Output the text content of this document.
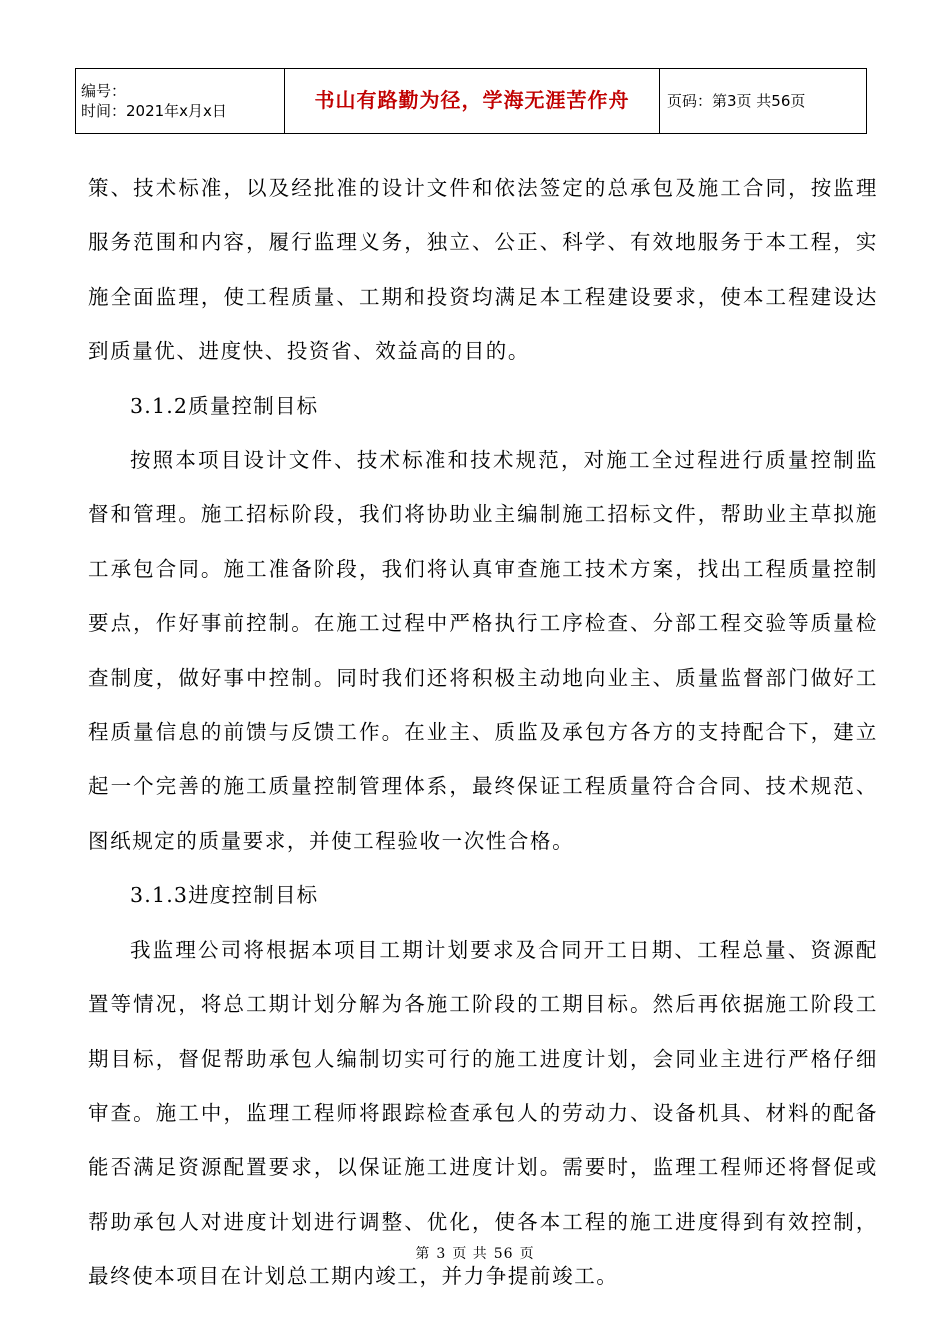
编号：
时间：2021年x月x日	书山有路勤为径，学海无涯苦作舟	页码：第3页 共56页

策、技术标准，以及经批准的设计文件和依法签定的总承包及施工合同，按监理服务范围和内容，履行监理义务，独立、公正、科学、有效地服务于本工程，实施全面监理，使工程质量、工期和投资均满足本工程建设要求，使本工程建设达到质量优、进度快、投资省、效益高的目的。

3.1.2质量控制目标

按照本项目设计文件、技术标准和技术规范，对施工全过程进行质量控制监督和管理。施工招标阶段，我们将协助业主编制施工招标文件，帮助业主草拟施工承包合同。施工准备阶段，我们将认真审查施工技术方案，找出工程质量控制要点，作好事前控制。在施工过程中严格执行工序检查、分部工程交验等质量检查制度，做好事中控制。同时我们还将积极主动地向业主、质量监督部门做好工程质量信息的前馈与反馈工作。在业主、质监及承包方各方的支持配合下，建立起一个完善的施工质量控制管理体系，最终保证工程质量符合合同、技术规范、图纸规定的质量要求，并使工程验收一次性合格。

3.1.3进度控制目标

我监理公司将根据本项目工期计划要求及合同开工日期、工程总量、资源配置等情况，将总工期计划分解为各施工阶段的工期目标。然后再依据施工阶段工期目标，督促帮助承包人编制切实可行的施工进度计划，会同业主进行严格仔细审查。施工中，监理工程师将跟踪检查承包人的劳动力、设备机具、材料的配备能否满足资源配置要求，以保证施工进度计划。需要时，监理工程师还将督促或帮助承包人对进度计划进行调整、优化，使各本工程的施工进度得到有效控制，最终使本项目在计划总工期内竣工，并力争提前竣工。

第 3 页 共 56 页
